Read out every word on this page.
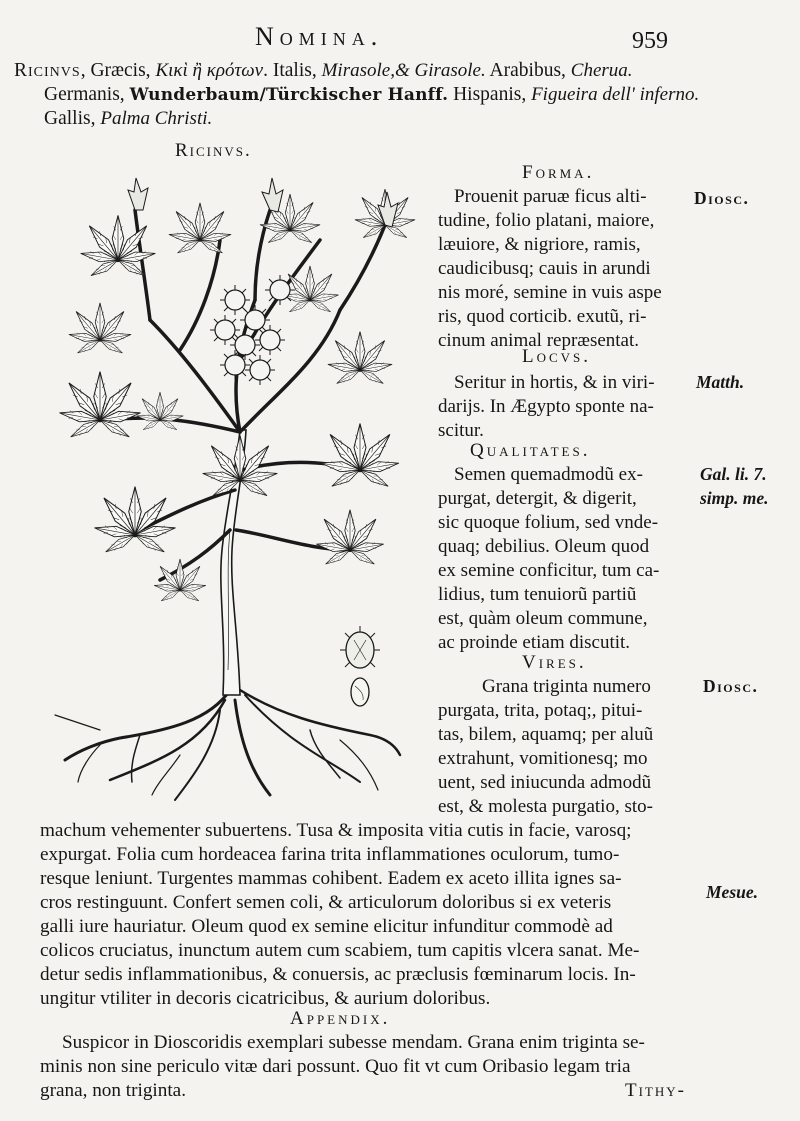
Nomina.	959
Ricinvs, Græcis, Κικὶ ἢ κρότων. Italis, Mirasole,& Girasole. Arabibus, Cherua.
Germanis, Wunderbaum/Türckischer Hanff. Hispanis, Figueira dell' inferno.
Gallis, Palma Christi.
Ricinvs.
Forma.
Prouenit paruæ ficus alti-
tudine, folio platani, maiore,
læuiore, & nigriore, ramis,
caudicibusq; cauis in arundi
nis moré, semine in vuis aspe
ris, quod corticib. exutũ, ri-
cinum animal repræsentat.
Locvs.
Seritur in hortis, & in viri-
darijs. In Ægypto sponte na-
scitur.
Qualitates.
Semen quemadmodũ ex-
purgat, detergit, & digerit,
sic quoque folium, sed vnde-
quaq; debilius. Oleum quod
ex semine conficitur, tum ca-
lidius, tum tenuiorũ partiũ
est, quàm oleum commune,
ac proinde etiam discutit.
Vires.
Grana triginta numero
purgata, trita, potaq;, pitui-
tas, bilem, aquamq; per aluũ
extrahunt, vomitionesq; mo
uent, sed iniucunda admodũ
est, & molesta purgatio, sto-
machum vehementer subuertens. Tusa & imposita vitia cutis in facie, varosq;
expurgat. Folia cum hordeacea farina trita inflammationes oculorum, tumo-
resque leniunt. Turgentes mammas cohibent. Eadem ex aceto illita ignes sa-
cros restinguunt. Confert semen coli, & articulorum doloribus si ex veteris
galli iure hauriatur. Oleum quod ex semine elicitur infunditur commodè ad
colicos cruciatus, inunctum autem cum scabiem, tum capitis vlcera sanat. Me-
detur sedis inflammationibus, & conuersis, ac præclusis fœminarum locis. In-
ungitur vtiliter in decoris cicatricibus, & aurium doloribus.
Appendix.
Suspicor in Dioscoridis exemplari subesse mendam. Grana enim triginta se-
minis non sine periculo vitæ dari possunt. Quo fit vt cum Oribasio legam tria
grana, non triginta.	Tithy-
Diosc.
Matth.
Gal. li. 7.
simp. me.
Diosc.
Mesue.
